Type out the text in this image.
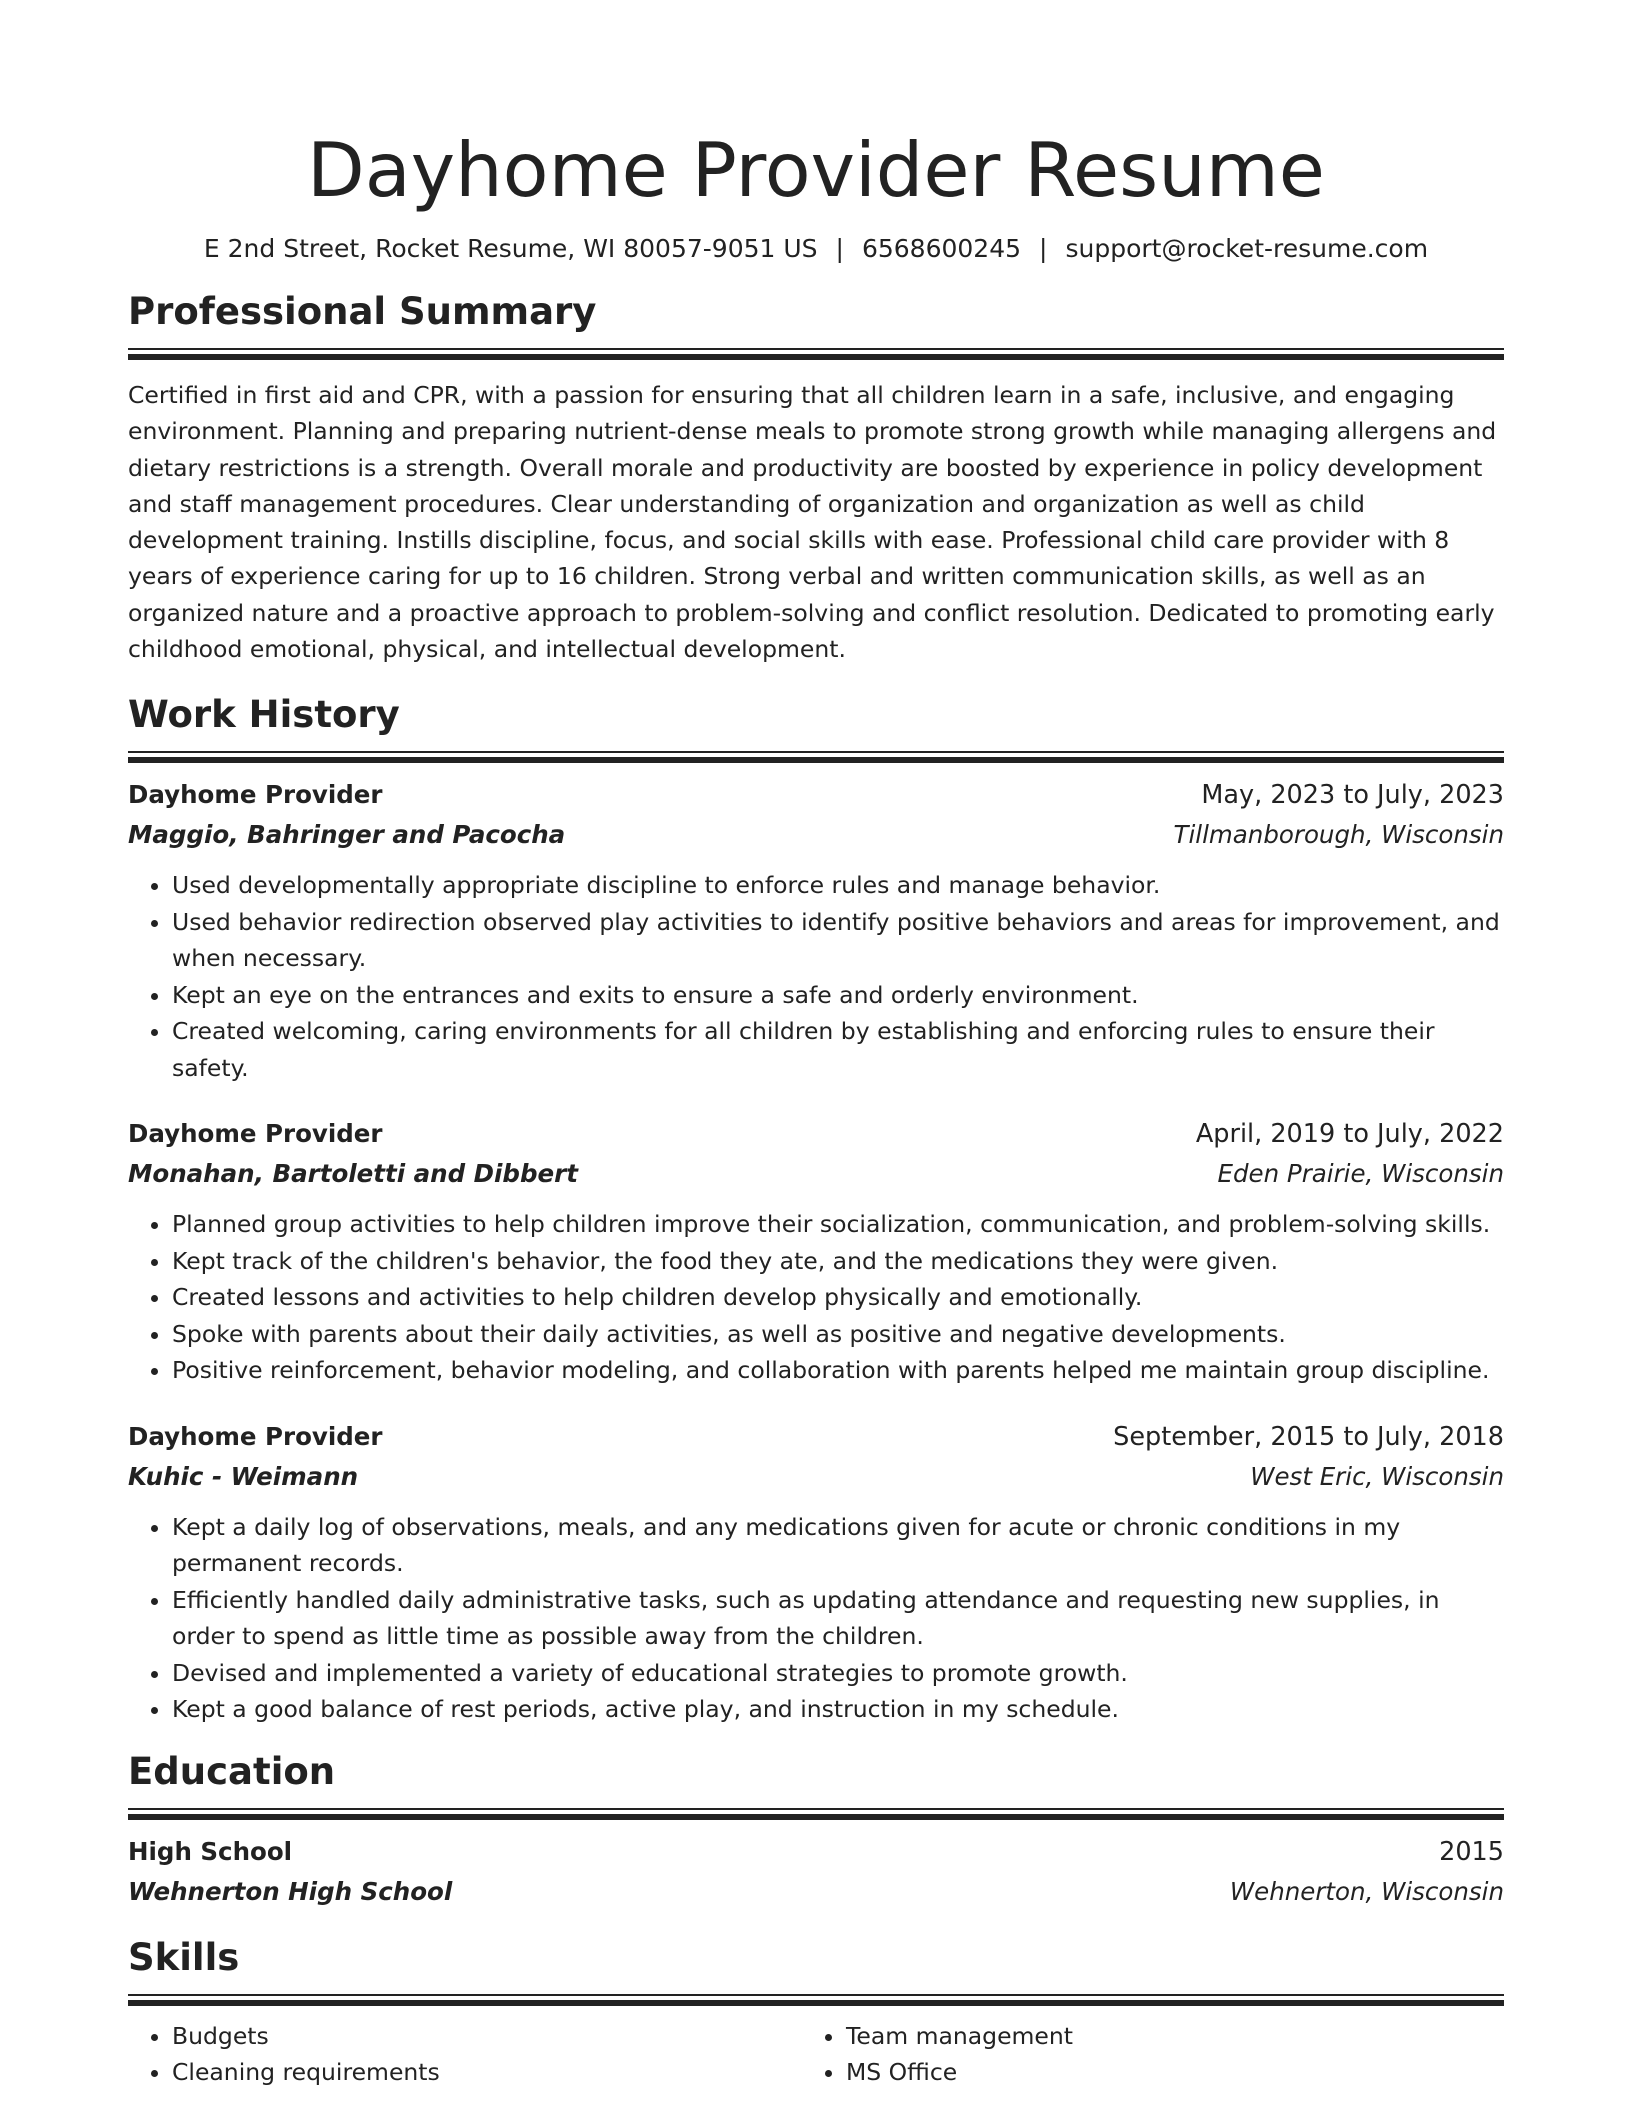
Dayhome Provider Resume
E 2nd Street, Rocket Resume, WI 80057-9051 US | 6568600245 | support@rocket-resume.com
Professional Summary
Certified in first aid and CPR, with a passion for ensuring that all children learn in a safe, inclusive, and engaging environment. Planning and preparing nutrient-dense meals to promote strong growth while managing allergens and dietary restrictions is a strength. Overall morale and productivity are boosted by experience in policy development and staff management procedures. Clear understanding of organization and organization as well as child development training. Instills discipline, focus, and social skills with ease. Professional child care provider with 8 years of experience caring for up to 16 children. Strong verbal and written communication skills, as well as an organized nature and a proactive approach to problem-solving and conflict resolution. Dedicated to promoting early childhood emotional, physical, and intellectual development.
Work History
Dayhome Provider	May, 2023 to July, 2023
Maggio, Bahringer and Pacocha	Tillmanborough, Wisconsin
• Used developmentally appropriate discipline to enforce rules and manage behavior.
• Used behavior redirection observed play activities to identify positive behaviors and areas for improvement, and when necessary.
• Kept an eye on the entrances and exits to ensure a safe and orderly environment.
• Created welcoming, caring environments for all children by establishing and enforcing rules to ensure their safety.
Dayhome Provider	April, 2019 to July, 2022
Monahan, Bartoletti and Dibbert	Eden Prairie, Wisconsin
• Planned group activities to help children improve their socialization, communication, and problem-solving skills.
• Kept track of the children's behavior, the food they ate, and the medications they were given.
• Created lessons and activities to help children develop physically and emotionally.
• Spoke with parents about their daily activities, as well as positive and negative developments.
• Positive reinforcement, behavior modeling, and collaboration with parents helped me maintain group discipline.
Dayhome Provider	September, 2015 to July, 2018
Kuhic - Weimann	West Eric, Wisconsin
• Kept a daily log of observations, meals, and any medications given for acute or chronic conditions in my permanent records.
• Efficiently handled daily administrative tasks, such as updating attendance and requesting new supplies, in order to spend as little time as possible away from the children.
• Devised and implemented a variety of educational strategies to promote growth.
• Kept a good balance of rest periods, active play, and instruction in my schedule.
Education
High School	2015
Wehnerton High School	Wehnerton, Wisconsin
Skills
• Budgets
• Cleaning requirements
• Team management
• MS Office
